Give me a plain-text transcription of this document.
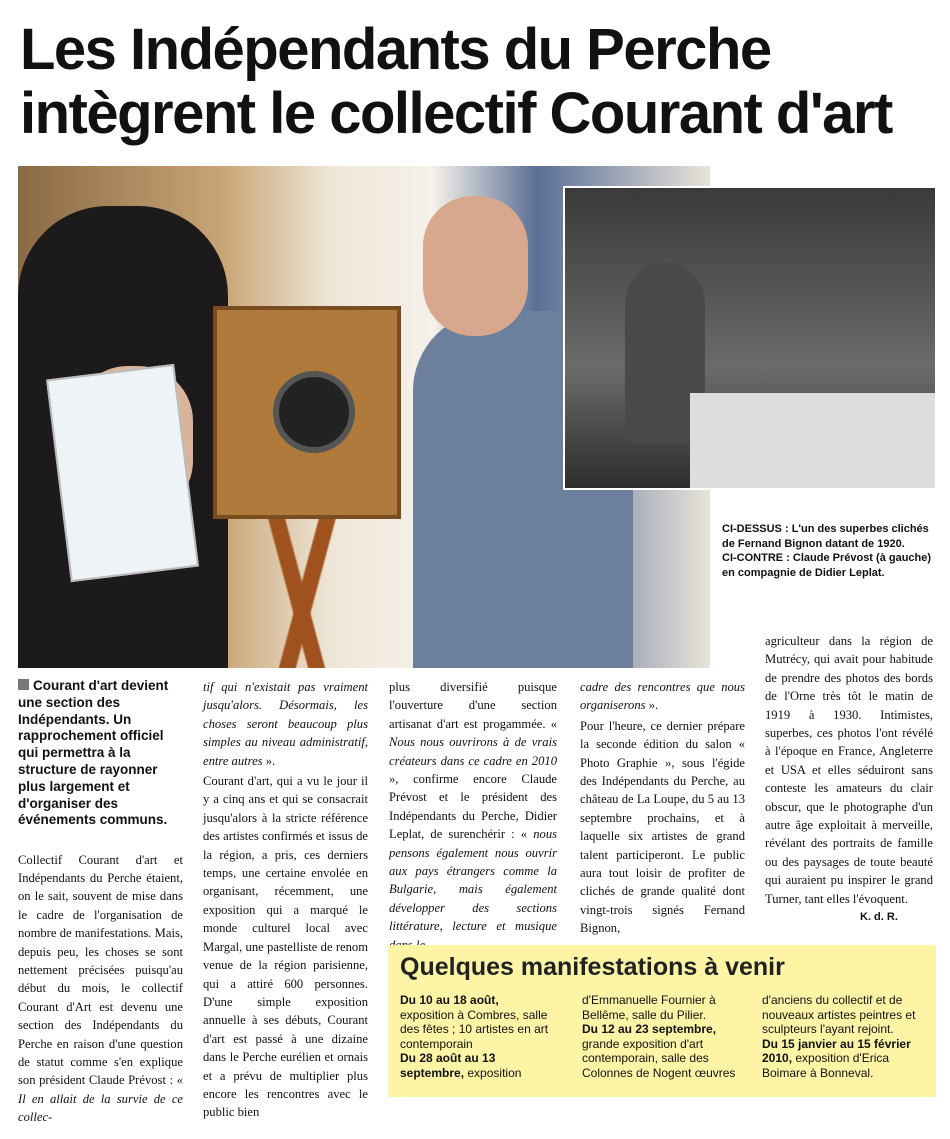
Les Indépendants du Perche
intègrent le collectif Courant d'art

CI-DESSUS : L'un des superbes clichés de Fernand Bignon datant de 1920.

CI-CONTRE : Claude Prévost (à gauche) en compagnie de Didier Leplat.

Courant d'art devient une section des Indépendants. Un rapprochement officiel qui permettra à la structure de rayonner plus largement et d'organiser des événements communs.

Collectif Courant d'art et Indépendants du Perche étaient, on le sait, souvent de mise dans le cadre de l'organisation de nombre de manifestations. Mais, depuis peu, les choses se sont nettement précisées puisqu'au début du mois, le collectif Courant d'Art est devenu une section des Indépendants du Perche en raison d'une question de statut comme s'en explique son président Claude Prévost : « Il en allait de la survie de ce collec-

tif qui n'existait pas vraiment jusqu'alors. Désormais, les choses seront beaucoup plus simples au niveau administratif, entre autres ».

Courant d'art, qui a vu le jour il y a cinq ans et qui se consacrait jusqu'alors à la stricte référence des artistes confirmés et issus de la région, a pris, ces derniers temps, une certaine envolée en organisant, récemment, une exposition qui a marqué le monde culturel local avec Margal, une pastelliste de renom venue de la région parisienne, qui a attiré 600 personnes. D'une simple exposition annuelle à ses débuts, Courant d'art est passé à une dizaine dans le Perche eurélien et ornais et a prévu de multiplier plus encore les rencontres avec le public bien

plus diversifié puisque l'ouverture d'une section artisanat d'art est progammée. « Nous nous ouvrirons à de vrais créateurs dans ce cadre en 2010 », confirme encore Claude Prévost et le président des Indépendants du Perche, Didier Leplat, de surenchérir : « nous pensons également nous ouvrir aux pays étrangers comme la Bulgarie, mais également développer des sections littérature, lecture et musique

cadre des rencontres que nous organiserons ».

Pour l'heure, ce dernier prépare la seconde édition du salon « Photo Graphie », sous l'égide des Indépendants du Perche, au château de La Loupe, du 5 au 13 septembre prochains, et à laquelle six artistes de grand talent participeront. Le public aura tout loisir de profiter de clichés de grande qualité dont vingt-trois signés Fernand Bignon,

agriculteur dans la région de Mutrécy, qui avait pour habitude de prendre des photos des bords de l'Orne très tôt le matin de 1919 à 1930. Intimistes, superbes, ces photos l'ont révélé à l'époque en France, Angleterre et USA et elles séduiront sans conteste les amateurs du clair obscur, que le photographe d'un autre âge exploitait à merveille, révélant des portraits de famille ou des paysages de toute beauté qui auraient pu inspirer le grand Turner, tant elles l'évoquent.

K. d. R.
Quelques manifestations à venir

Du 10 au 18 août,
exposition à Combres, salle des fêtes ; 10 artistes en art contemporain

Du 28 août au 13 septembre, exposition

d'Emmanuelle Fournier à Bellême, salle du Pilier.

Du 12 au 23 septembre,
grande exposition d'art contemporain, salle des Colonnes de Nogent œuvres

d'anciens du collectif et de nouveaux artistes peintres et sculpteurs l'ayant rejoint.

Du 15 janvier au 15 février 2010, exposition d'Erica Boimare à Bonneval.
